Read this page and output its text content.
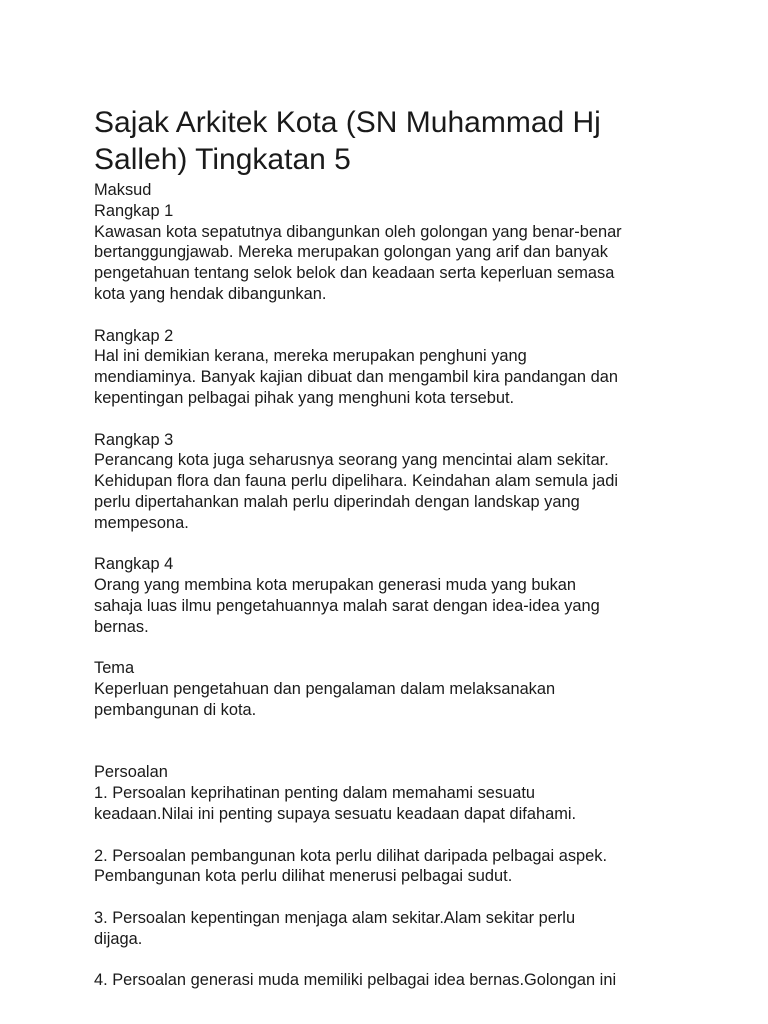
Sajak Arkitek Kota (SN Muhammad Hj
Salleh) Tingkatan 5
Maksud
Rangkap 1
Kawasan kota sepatutnya dibangunkan oleh golongan yang benar-benar
bertanggungjawab. Mereka merupakan golongan yang arif dan banyak
pengetahuan tentang selok belok dan keadaan serta keperluan semasa
kota yang hendak dibangunkan.
Rangkap 2
Hal ini demikian kerana, mereka merupakan penghuni yang
mendiaminya. Banyak kajian dibuat dan mengambil kira pandangan dan
kepentingan pelbagai pihak yang menghuni kota tersebut.
Rangkap 3
Perancang kota juga seharusnya seorang yang mencintai alam sekitar.
Kehidupan flora dan fauna perlu dipelihara. Keindahan alam semula jadi
perlu dipertahankan malah perlu diperindah dengan landskap yang
mempesona.
Rangkap 4
Orang yang membina kota merupakan generasi muda yang bukan
sahaja luas ilmu pengetahuannya malah sarat dengan idea-idea yang
bernas.
Tema
Keperluan pengetahuan dan pengalaman dalam melaksanakan
pembangunan di kota.
Persoalan
1. Persoalan keprihatinan penting dalam memahami sesuatu
keadaan.Nilai ini penting supaya sesuatu keadaan dapat difahami.
2. Persoalan pembangunan kota perlu dilihat daripada pelbagai aspek.
Pembangunan kota perlu dilihat menerusi pelbagai sudut.
3. Persoalan kepentingan menjaga alam sekitar.Alam sekitar perlu
dijaga.
4. Persoalan generasi muda memiliki pelbagai idea bernas.Golongan ini
